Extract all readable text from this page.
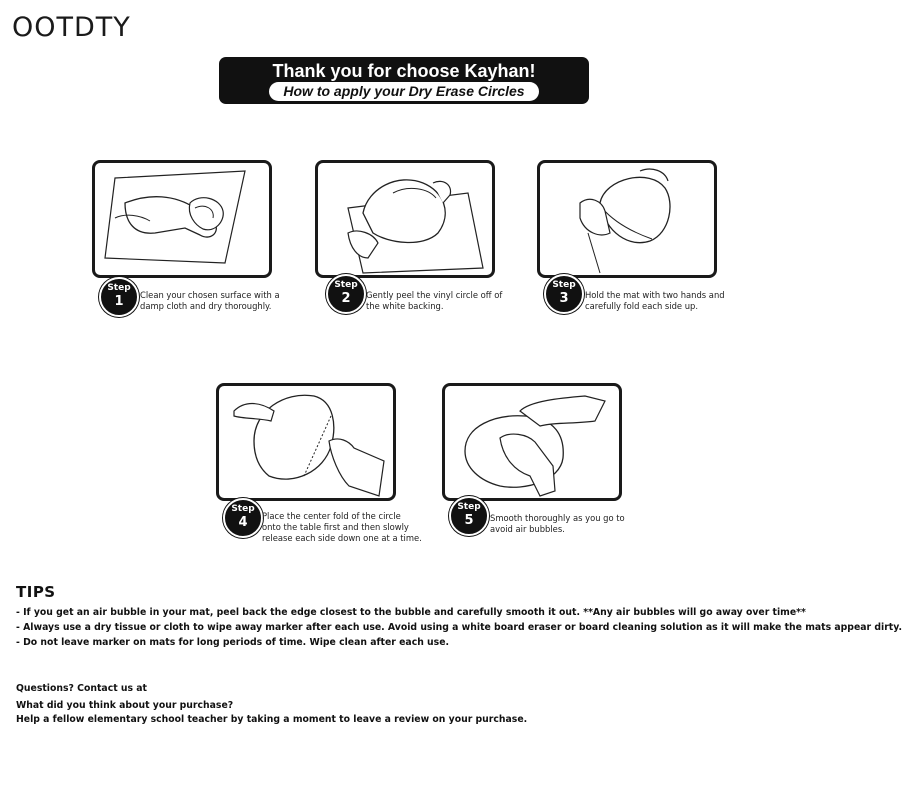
OOTDTY
Thank you for choose Kayhan!
How to apply your Dry Erase Circles
Step
1	Clean your chosen surface with a
damp cloth and dry thoroughly.
Step
2	Gently peel the vinyl circle off of
the white backing.
Step
3	Hold the mat with two hands and
carefully fold each side up.
Step
4	Place the center fold of the circle
onto the table first and then slowly
release each side down one at a time.
Step
5	Smooth thoroughly as you go to
avoid air bubbles.
TIPS
- If you get an air bubble in your mat, peel back the edge closest to the bubble and carefully smooth it out. **Any air bubbles will go away over time**
- Always use a dry tissue or cloth to wipe away marker after each use. Avoid using a white board eraser or board cleaning solution as it will make the mats appear dirty.
- Do not leave marker on mats for long periods of time. Wipe clean after each use.
Questions? Contact us at
What did you think about your purchase?
Help a fellow elementary school teacher by taking a moment to leave a review on your purchase.
